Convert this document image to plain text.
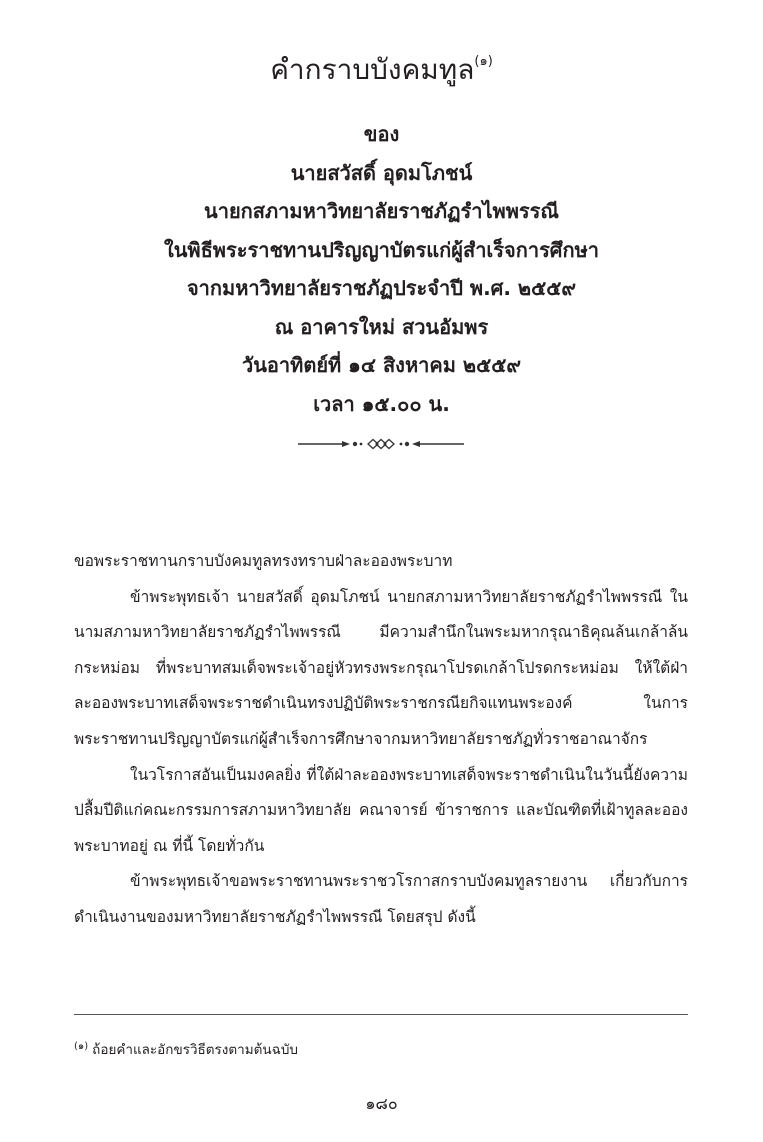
คำกราบบังคมทูล$^{(๑)}$
ของ
นายสวัสดิ์ อุดมโภชน์
นายกสภามหาวิทยาลัยราชภัฏรำไพพรรณี
ในพิธีพระราชทานปริญญาบัตรแก่ผู้สำเร็จการศึกษา
จากมหาวิทยาลัยราชภัฏประจำปี พ.ศ. ๒๕๕๙
ณ อาคารใหม่ สวนอัมพร
วันอาทิตย์ที่ ๑๔ สิงหาคม ๒๕๕๙
เวลา ๑๕.๐๐ น.

ขอพระราชทานกราบบังคมทูลทรงทราบฝ่าละอองพระบาท

ข้าพระพุทธเจ้า นายสวัสดิ์ อุดมโภชน์ นายกสภามหาวิทยาลัยราชภัฏรำไพพรรณี ในนามสภามหาวิทยาลัยราชภัฏรำไพพรรณี มีความสำนึกในพระมหากรุณาธิคุณล้นเกล้าล้นกระหม่อม ที่พระบาทสมเด็จพระเจ้าอยู่หัวทรงพระกรุณาโปรดเกล้าโปรดกระหม่อม ให้ใต้ฝ่าละอองพระบาทเสด็จพระราชดำเนินทรงปฏิบัติพระราชกรณียกิจแทนพระองค์ ในการพระราชทานปริญญาบัตรแก่ผู้สำเร็จการศึกษาจากมหาวิทยาลัยราชภัฏทั่วราชอาณาจักร

ในวโรกาสอันเป็นมงคลยิ่ง ที่ใต้ฝ่าละอองพระบาทเสด็จพระราชดำเนินในวันนี้ยังความปลื้มปีติแก่คณะกรรมการสภามหาวิทยาลัย คณาจารย์ ข้าราชการ และบัณฑิตที่เฝ้าทูลละอองพระบาทอยู่ ณ ที่นี้ โดยทั่วกัน

ข้าพระพุทธเจ้าขอพระราชทานพระราชวโรกาสกราบบังคมทูลรายงาน เกี่ยวกับการดำเนินงานของมหาวิทยาลัยราชภัฏรำไพพรรณี โดยสรุป ดังนี้

$^{(๑)}$ ถ้อยคำและอักขรวิธีตรงตามต้นฉบับ
๑๘๐
